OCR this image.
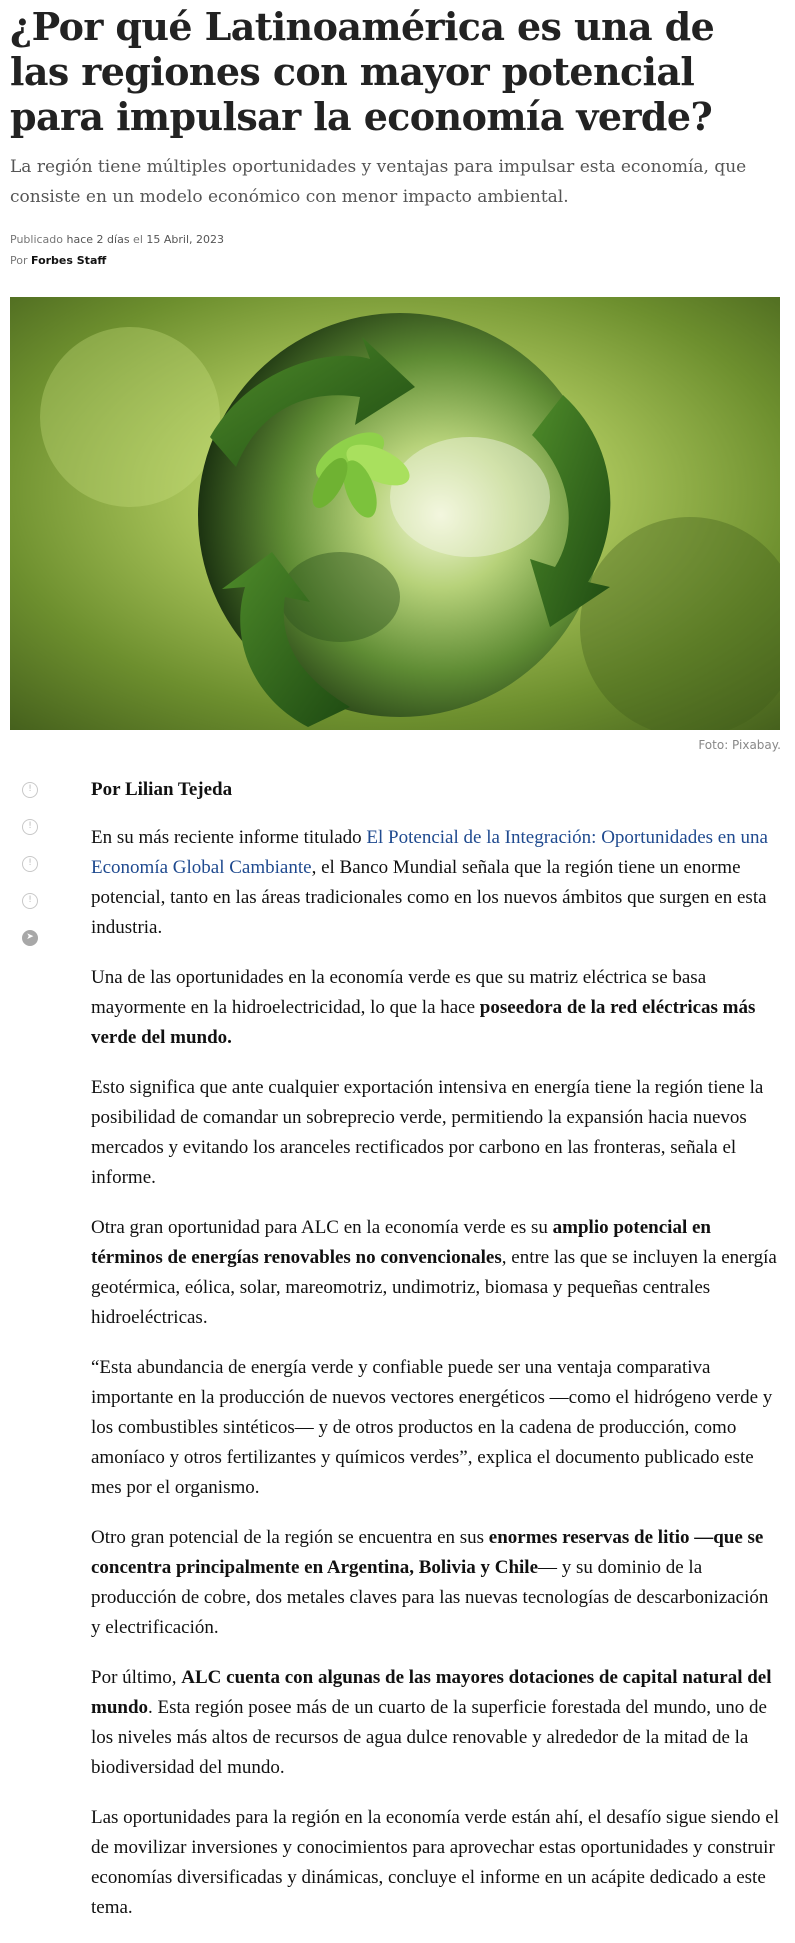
¿Por qué Latinoamérica es una de las regiones con mayor potencial para impulsar la economía verde?

La región tiene múltiples oportunidades y ventajas para impulsar esta economía, que consiste en un modelo económico con menor impacto ambiental.

Publicado hace 2 días el 15 Abril, 2023
Por Forbes Staff
Foto: Pixabay.
!
!
!
!
➤

Por Lilian Tejeda

En su más reciente informe titulado El Potencial de la Integración: Oportunidades en una Economía Global Cambiante, el Banco Mundial señala que la región tiene un enorme potencial, tanto en las áreas tradicionales como en los nuevos ámbitos que surgen en esta industria.

Una de las oportunidades en la economía verde es que su matriz eléctrica se basa mayormente en la hidroelectricidad, lo que la hace poseedora de la red eléctricas más verde del mundo.

Esto significa que ante cualquier exportación intensiva en energía tiene la región tiene la posibilidad de comandar un sobreprecio verde, permitiendo la expansión hacia nuevos mercados y evitando los aranceles rectificados por carbono en las fronteras, señala el informe.

Otra gran oportunidad para ALC en la economía verde es su amplio potencial en términos de energías renovables no convencionales, entre las que se incluyen la energía geotérmica, eólica, solar, mareomotriz, undimotriz, biomasa y pequeñas centrales hidroeléctricas.

“Esta abundancia de energía verde y confiable puede ser una ventaja comparativa importante en la producción de nuevos vectores energéticos —como el hidrógeno verde y los combustibles sintéticos— y de otros productos en la cadena de producción, como amoníaco y otros fertilizantes y químicos verdes”, explica el documento publicado este mes por el organismo.

Otro gran potencial de la región se encuentra en sus enormes reservas de litio —que se concentra principalmente en Argentina, Bolivia y Chile— y su dominio de la producción de cobre, dos metales claves para las nuevas tecnologías de descarbonización y electrificación.

Por último, ALC cuenta con algunas de las mayores dotaciones de capital natural del mundo. Esta región posee más de un cuarto de la superficie forestada del mundo, uno de los niveles más altos de recursos de agua dulce renovable y alrededor de la mitad de la biodiversidad del mundo.

Las oportunidades para la región en la economía verde están ahí, el desafío sigue siendo el de movilizar inversiones y conocimientos para aprovechar estas oportunidades y construir economías diversificadas y dinámicas, concluye el informe en un acápite dedicado a este tema.
